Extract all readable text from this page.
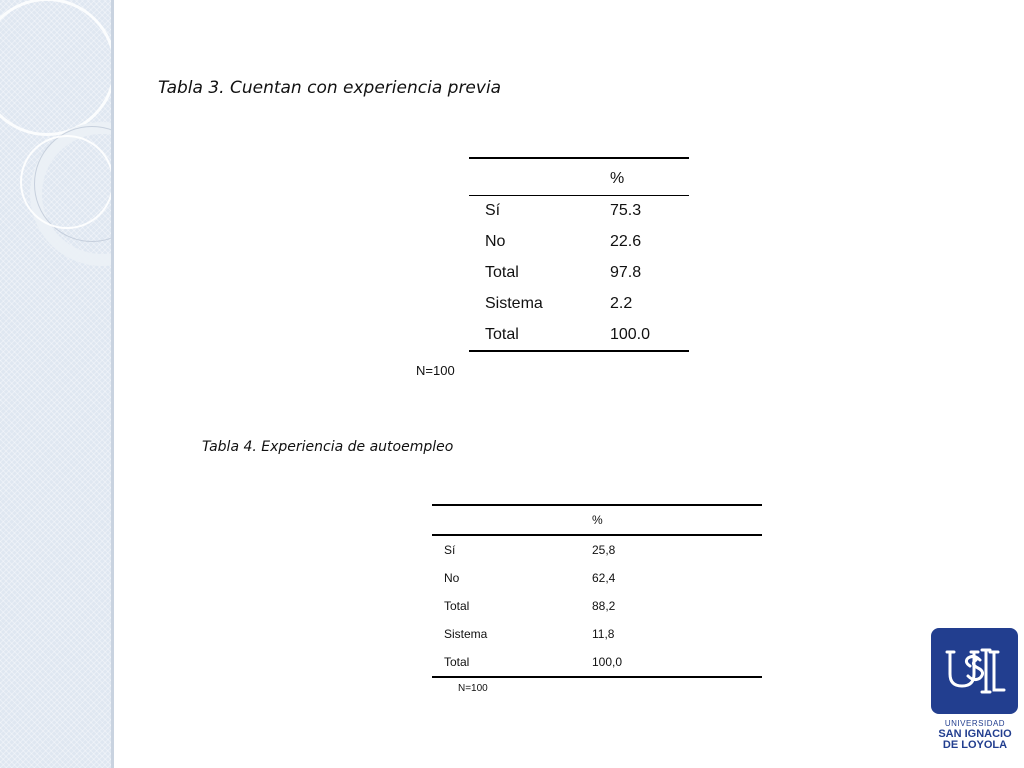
Tabla 3. Cuentan con experiencia previa
	%
Sí	75.3
No	22.6
Total	97.8
Sistema	2.2
Total	100.0
N=100
Tabla 4. Experiencia de autoempleo
	%
Sí	25,8
No	62,4
Total	88,2
Sistema	11,8
Total	100,0
N=100
UNIVERSIDAD
SAN IGNACIO
DE LOYOLA
